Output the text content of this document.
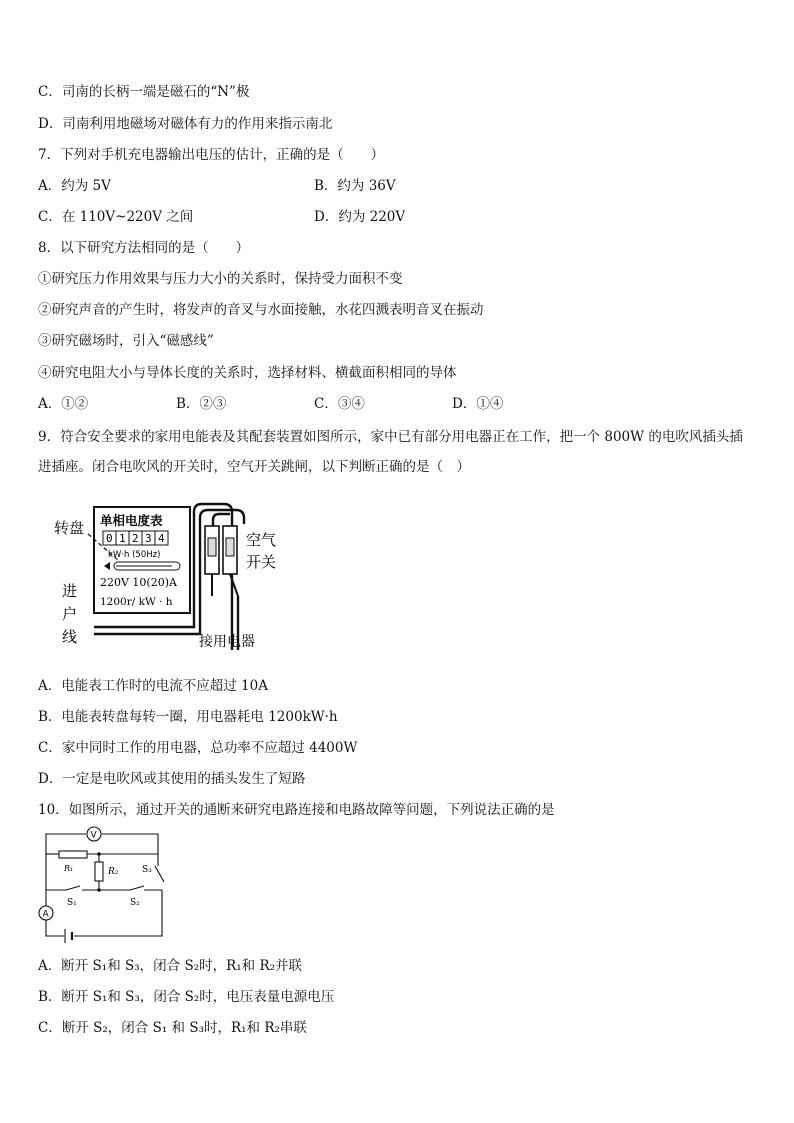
C．司南的长柄一端是磁石的“N”极
D．司南利用地磁场对磁体有力的作用来指示南北
7．下列对手机充电器输出电压的估计，正确的是（　　）
A．约为 5V	B．约为 36V
C．在 110V~220V 之间	D．约为 220V
8．以下研究方法相同的是（　　）
①研究压力作用效果与压力大小的关系时，保持受力面积不变
②研究声音的产生时，将发声的音叉与水面接触，水花四溅表明音叉在振动
③研究磁场时，引入“磁感线”
④研究电阻大小与导体长度的关系时，选择材料、横截面积相同的导体
A．①②	B．②③	C．③④	D．①④
9．符合安全要求的家用电能表及其配套装置如图所示，家中已有部分用电器正在工作，把一个 800W 的电吹风插头插
进插座。闭合电吹风的开关时，空气开关跳闸，以下判断正确的是（　）
单相电度表
0 1 2 3 4
kW·h (50Hz)
220V 10(20)A
1200r/ kW · h
转盘
进
户
线
空气
开关
接用电器
A．电能表工作时的电流不应超过 10A
B．电能表转盘每转一圈，用电器耗电 1200kW·h
C．家中同时工作的用电器，总功率不应超过 4400W
D．一定是电吹风或其使用的插头发生了短路
10．如图所示，通过开关的通断来研究电路连接和电路故障等问题，下列说法正确的是
V
R₁	R₂
S₁	S₂
S₃
A
A．断开 S₁和 S₃，闭合 S₂时，R₁和 R₂并联
B．断开 S₁和 S₃，闭合 S₂时，电压表量电源电压
C．断开 S₂，闭合 S₁ 和 S₃时，R₁和 R₂串联
